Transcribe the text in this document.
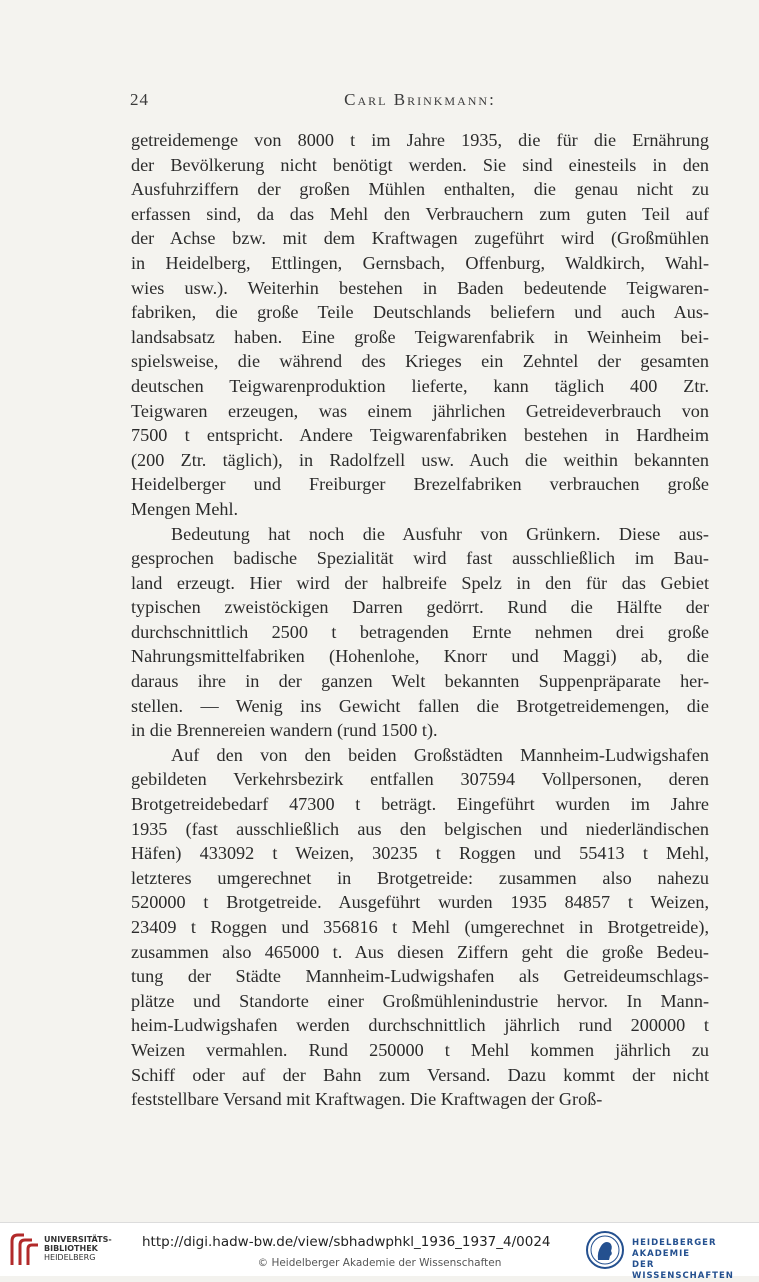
24	Carl Brinkmann:

getreidemenge von 8000 t im Jahre 1935, die für die Ernährung
der Bevölkerung nicht benötigt werden. Sie sind einesteils in den
Ausfuhrziffern der großen Mühlen enthalten, die genau nicht zu
erfassen sind, da das Mehl den Verbrauchern zum guten Teil auf
der Achse bzw. mit dem Kraftwagen zugeführt wird (Großmühlen
in Heidelberg, Ettlingen, Gernsbach, Offenburg, Waldkirch, Wahl-
wies usw.). Weiterhin bestehen in Baden bedeutende Teigwaren-
fabriken, die große Teile Deutschlands beliefern und auch Aus-
landsabsatz haben. Eine große Teigwarenfabrik in Weinheim bei-
spielsweise, die während des Krieges ein Zehntel der gesamten
deutschen Teigwarenproduktion lieferte, kann täglich 400 Ztr.
Teigwaren erzeugen, was einem jährlichen Getreideverbrauch von
7500 t entspricht. Andere Teigwarenfabriken bestehen in Hardheim
(200 Ztr. täglich), in Radolfzell usw. Auch die weithin bekannten
Heidelberger und Freiburger Brezelfabriken verbrauchen große
Mengen Mehl.

Bedeutung hat noch die Ausfuhr von Grünkern. Diese aus-
gesprochen badische Spezialität wird fast ausschließlich im Bau-
land erzeugt. Hier wird der halbreife Spelz in den für das Gebiet
typischen zweistöckigen Darren gedörrt. Rund die Hälfte der
durchschnittlich 2500 t betragenden Ernte nehmen drei große
Nahrungsmittelfabriken (Hohenlohe, Knorr und Maggi) ab, die
daraus ihre in der ganzen Welt bekannten Suppenpräparate her-
stellen. — Wenig ins Gewicht fallen die Brotgetreidemengen, die
in die Brennereien wandern (rund 1500 t).

Auf den von den beiden Großstädten Mannheim-Ludwigshafen
gebildeten Verkehrsbezirk entfallen 307594 Vollpersonen, deren
Brotgetreidebedarf 47300 t beträgt. Eingeführt wurden im Jahre
1935 (fast ausschließlich aus den belgischen und niederländischen
Häfen) 433092 t Weizen, 30235 t Roggen und 55413 t Mehl,
letzteres umgerechnet in Brotgetreide: zusammen also nahezu
520000 t Brotgetreide. Ausgeführt wurden 1935 84857 t Weizen,
23409 t Roggen und 356816 t Mehl (umgerechnet in Brotgetreide),
zusammen also 465000 t. Aus diesen Ziffern geht die große Bedeu-
tung der Städte Mannheim-Ludwigshafen als Getreideumschlags-
plätze und Standorte einer Großmühlenindustrie hervor. In Mann-
heim-Ludwigshafen werden durchschnittlich jährlich rund 200000 t
Weizen vermahlen. Rund 250000 t Mehl kommen jährlich zu
Schiff oder auf der Bahn zum Versand. Dazu kommt der nicht
feststellbare Versand mit Kraftwagen. Die Kraftwagen der Groß-

UNIVERSITÄTS-
BIBLIOTHEK
HEIDELBERG
http://digi.hadw-bw.de/view/sbhadwphkl_1936_1937_4/0024
© Heidelberger Akademie der Wissenschaften
HEIDELBERGER AKADEMIE
DER WISSENSCHAFTEN
